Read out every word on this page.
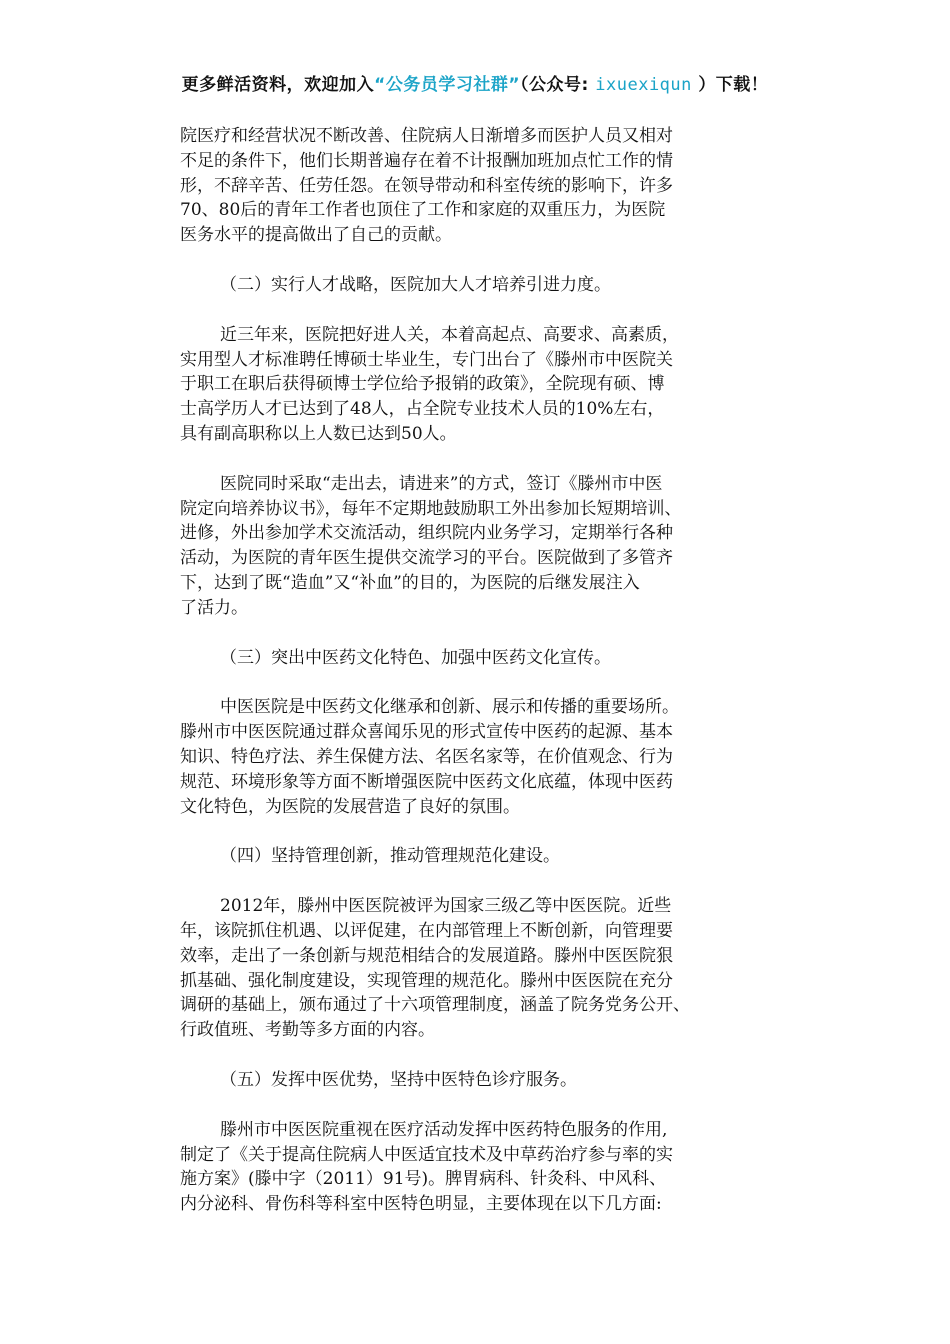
更多鲜活资料，欢迎加入“公务员学习社群”（公众号: ixuexiqun ）下载！
院医疗和经营状况不断改善、住院病人日渐增多而医护人员又相对
不足的条件下，他们长期普遍存在着不计报酬加班加点忙工作的情
形，不辞辛苦、任劳任怨。在领导带动和科室传统的影响下，许多
70、80后的青年工作者也顶住了工作和家庭的双重压力，为医院
医务水平的提高做出了自己的贡献。
（二）实行人才战略，医院加大人才培养引进力度。
近三年来，医院把好进人关，本着高起点、高要求、高素质，
实用型人才标准聘任博硕士毕业生，专门出台了《滕州市中医院关
于职工在职后获得硕博士学位给予报销的政策》，全院现有硕、博
士高学历人才已达到了48人，占全院专业技术人员的10%左右，
具有副高职称以上人数已达到50人。
医院同时采取“走出去，请进来”的方式，签订《滕州市中医
院定向培养协议书》，每年不定期地鼓励职工外出参加长短期培训、
进修，外出参加学术交流活动，组织院内业务学习，定期举行各种
活动，为医院的青年医生提供交流学习的平台。医院做到了多管齐
下，达到了既“造血”又“补血”的目的，为医院的后继发展注入
了活力。
（三）突出中医药文化特色、加强中医药文化宣传。
中医医院是中医药文化继承和创新、展示和传播的重要场所。
滕州市中医医院通过群众喜闻乐见的形式宣传中医药的起源、基本
知识、特色疗法、养生保健方法、名医名家等，在价值观念、行为
规范、环境形象等方面不断增强医院中医药文化底蕴，体现中医药
文化特色，为医院的发展营造了良好的氛围。
（四）坚持管理创新，推动管理规范化建设。
2012年，滕州中医医院被评为国家三级乙等中医医院。近些
年，该院抓住机遇、以评促建，在内部管理上不断创新，向管理要
效率，走出了一条创新与规范相结合的发展道路。滕州中医医院狠
抓基础、强化制度建设，实现管理的规范化。滕州中医医院在充分
调研的基础上，颁布通过了十六项管理制度，涵盖了院务党务公开、
行政值班、考勤等多方面的内容。
（五）发挥中医优势，坚持中医特色诊疗服务。
滕州市中医医院重视在医疗活动发挥中医药特色服务的作用,
制定了《关于提高住院病人中医适宜技术及中草药治疗参与率的实
施方案》(滕中字（2011）91号)。脾胃病科、针灸科、中风科、
内分泌科、骨伤科等科室中医特色明显，主要体现在以下几方面:
